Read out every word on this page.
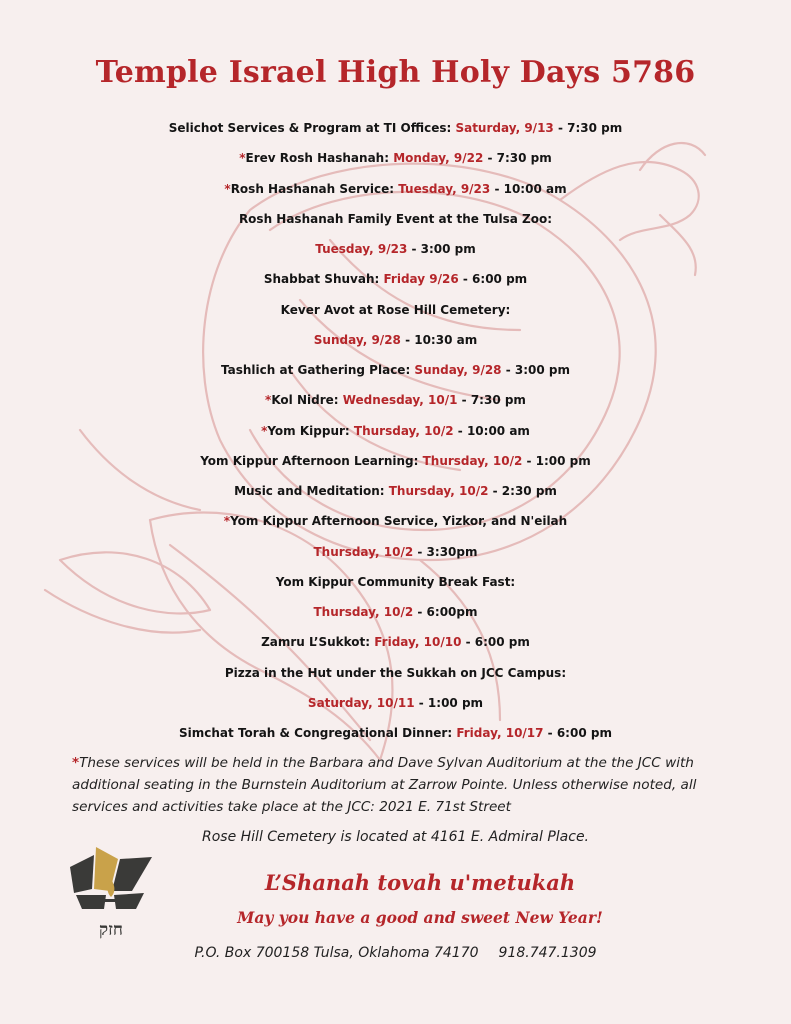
Temple Israel High Holy Days 5786
Selichot Services & Program at TI Offices: Saturday, 9/13 - 7:30 pm
*Erev Rosh Hashanah: Monday, 9/22 - 7:30 pm
*Rosh Hashanah Service: Tuesday, 9/23 - 10:00 am
Rosh Hashanah Family Event at the Tulsa Zoo:
Tuesday, 9/23 - 3:00 pm
Shabbat Shuvah: Friday 9/26 - 6:00 pm
Kever Avot at Rose Hill Cemetery:
Sunday, 9/28 - 10:30 am
Tashlich at Gathering Place: Sunday, 9/28 - 3:00 pm
*Kol Nidre: Wednesday, 10/1 - 7:30 pm
*Yom Kippur: Thursday, 10/2 - 10:00 am
Yom Kippur Afternoon Learning: Thursday, 10/2 - 1:00 pm
Music and Meditation: Thursday, 10/2 - 2:30 pm
*Yom Kippur Afternoon Service, Yizkor, and N'eilah
Thursday, 10/2 - 3:30pm
Yom Kippur Community Break Fast:
Thursday, 10/2 - 6:00pm
Zamru L’Sukkot: Friday, 10/10 - 6:00 pm
Pizza in the Hut under the Sukkah on JCC Campus:
Saturday, 10/11 - 1:00 pm
Simchat Torah & Congregational Dinner: Friday, 10/17 - 6:00 pm
*These services will be held in the Barbara and Dave Sylvan Auditorium at the the JCC with additional seating in the Burnstein Auditorium at Zarrow Pointe. Unless otherwise noted, all services and activities take place at the JCC: 2021 E. 71st Street
Rose Hill Cemetery is located at 4161 E. Admiral Place.
חזק
L’Shanah tovah u'metukah
May you have a good and sweet New Year!
P.O. Box 700158 Tulsa, Oklahoma 74170 918.747.1309
